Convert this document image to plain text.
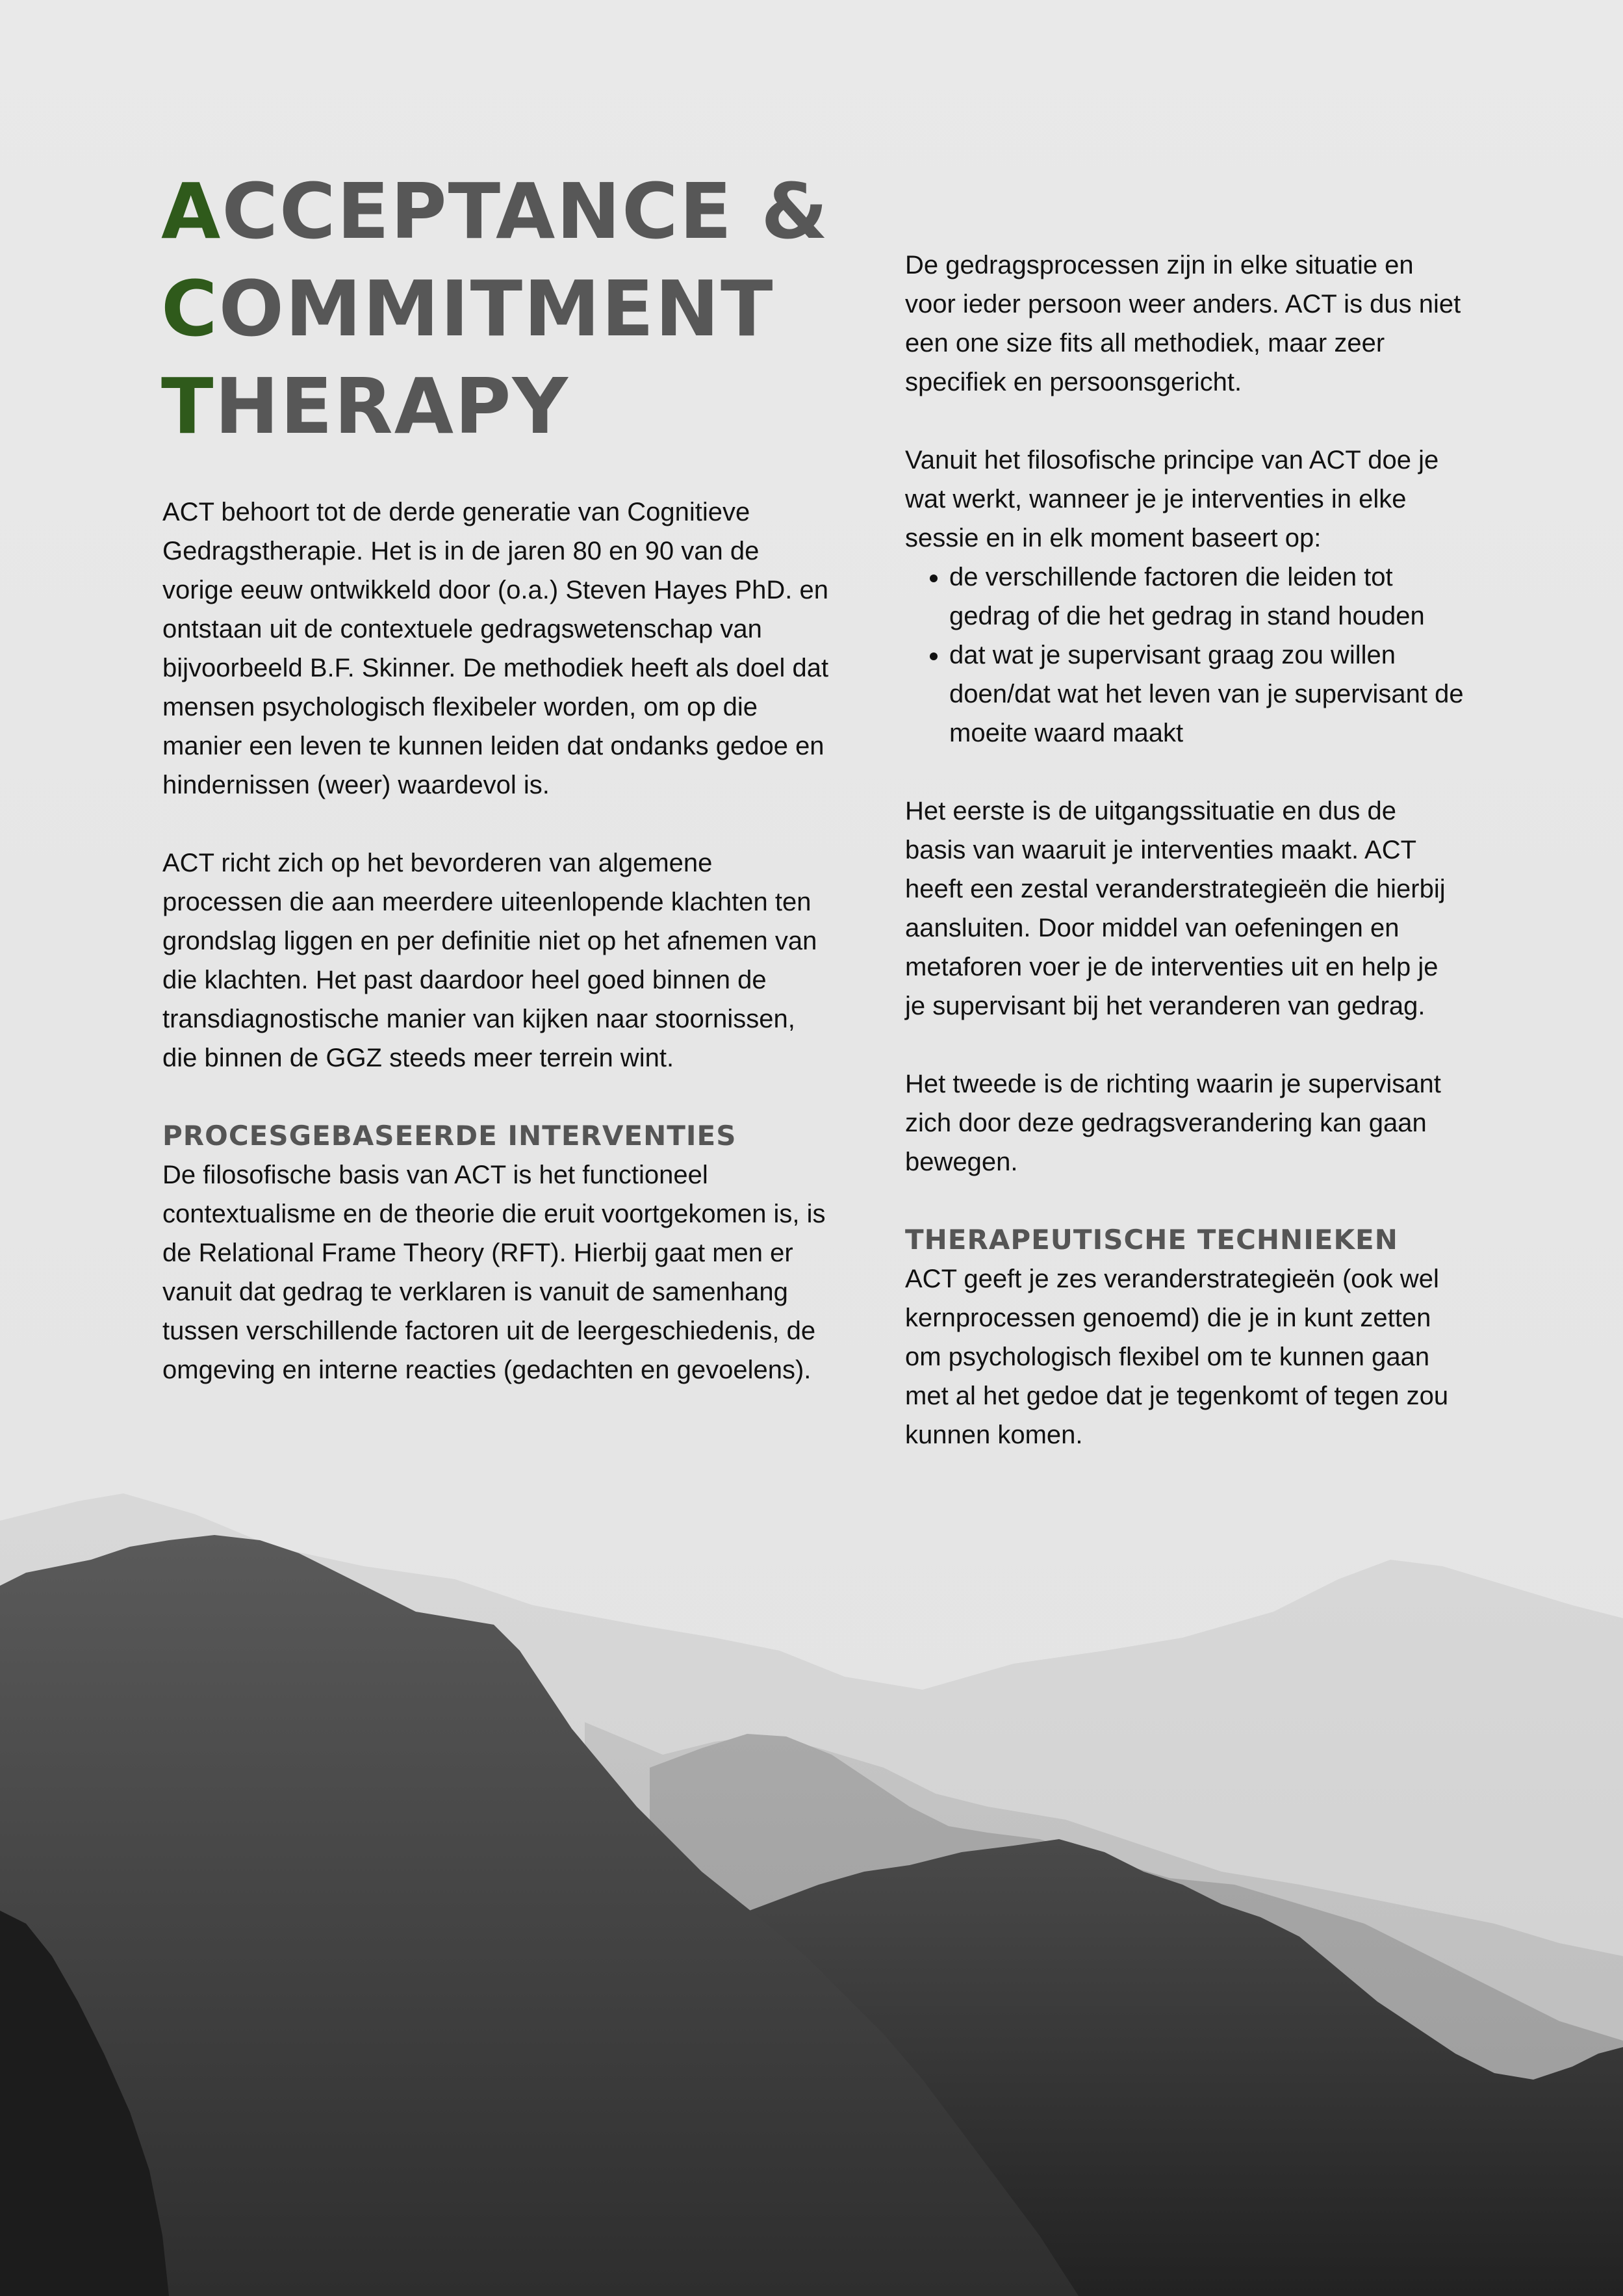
ACCEPTANCE &
COMMITMENT
THERAPY

ACT behoort tot de derde generatie van Cognitieve Gedragstherapie. Het is in de jaren 80 en 90 van de vorige eeuw ontwikkeld door (o.a.) Steven Hayes PhD. en ontstaan uit de contextuele gedragswetenschap van bijvoorbeeld B.F. Skinner. De methodiek heeft als doel dat mensen psychologisch flexibeler worden, om op die manier een leven te kunnen leiden dat ondanks gedoe en hindernissen (weer) waardevol is.

ACT richt zich op het bevorderen van algemene processen die aan meerdere uiteenlopende klachten ten grondslag liggen en per definitie niet op het afnemen van die klachten. Het past daardoor heel goed binnen de transdiagnostische manier van kijken naar stoornissen, die binnen de GGZ steeds meer terrein wint.

PROCESGEBASEERDE INTERVENTIES

De filosofische basis van ACT is het functioneel contextualisme en de theorie die eruit voortgekomen is, is de Relational Frame Theory (RFT). Hierbij gaat men er vanuit dat gedrag te verklaren is vanuit de samenhang tussen verschillende factoren uit de leergeschiedenis, de omgeving en interne reacties (gedachten en gevoelens).

De gedragsprocessen zijn in elke situatie en voor ieder persoon weer anders. ACT is dus niet een one size fits all methodiek, maar zeer specifiek en persoonsgericht.

Vanuit het filosofische principe van ACT doe je wat werkt, wanneer je je interventies in elke sessie en in elk moment baseert op:

• de verschillende factoren die leiden tot gedrag of die het gedrag in stand houden
• dat wat je supervisant graag zou willen doen/dat wat het leven van je supervisant de moeite waard maakt

Het eerste is de uitgangssituatie en dus de basis van waaruit je interventies maakt. ACT heeft een zestal veranderstrategieën die hierbij aansluiten. Door middel van oefeningen en metaforen voer je de interventies uit en help je je supervisant bij het veranderen van gedrag.

Het tweede is de richting waarin je supervisant zich door deze gedragsverandering kan gaan bewegen.

THERAPEUTISCHE TECHNIEKEN

ACT geeft je zes veranderstrategieën (ook wel kernprocessen genoemd) die je in kunt zetten om psychologisch flexibel om te kunnen gaan met al het gedoe dat je tegenkomt of tegen zou kunnen komen.
